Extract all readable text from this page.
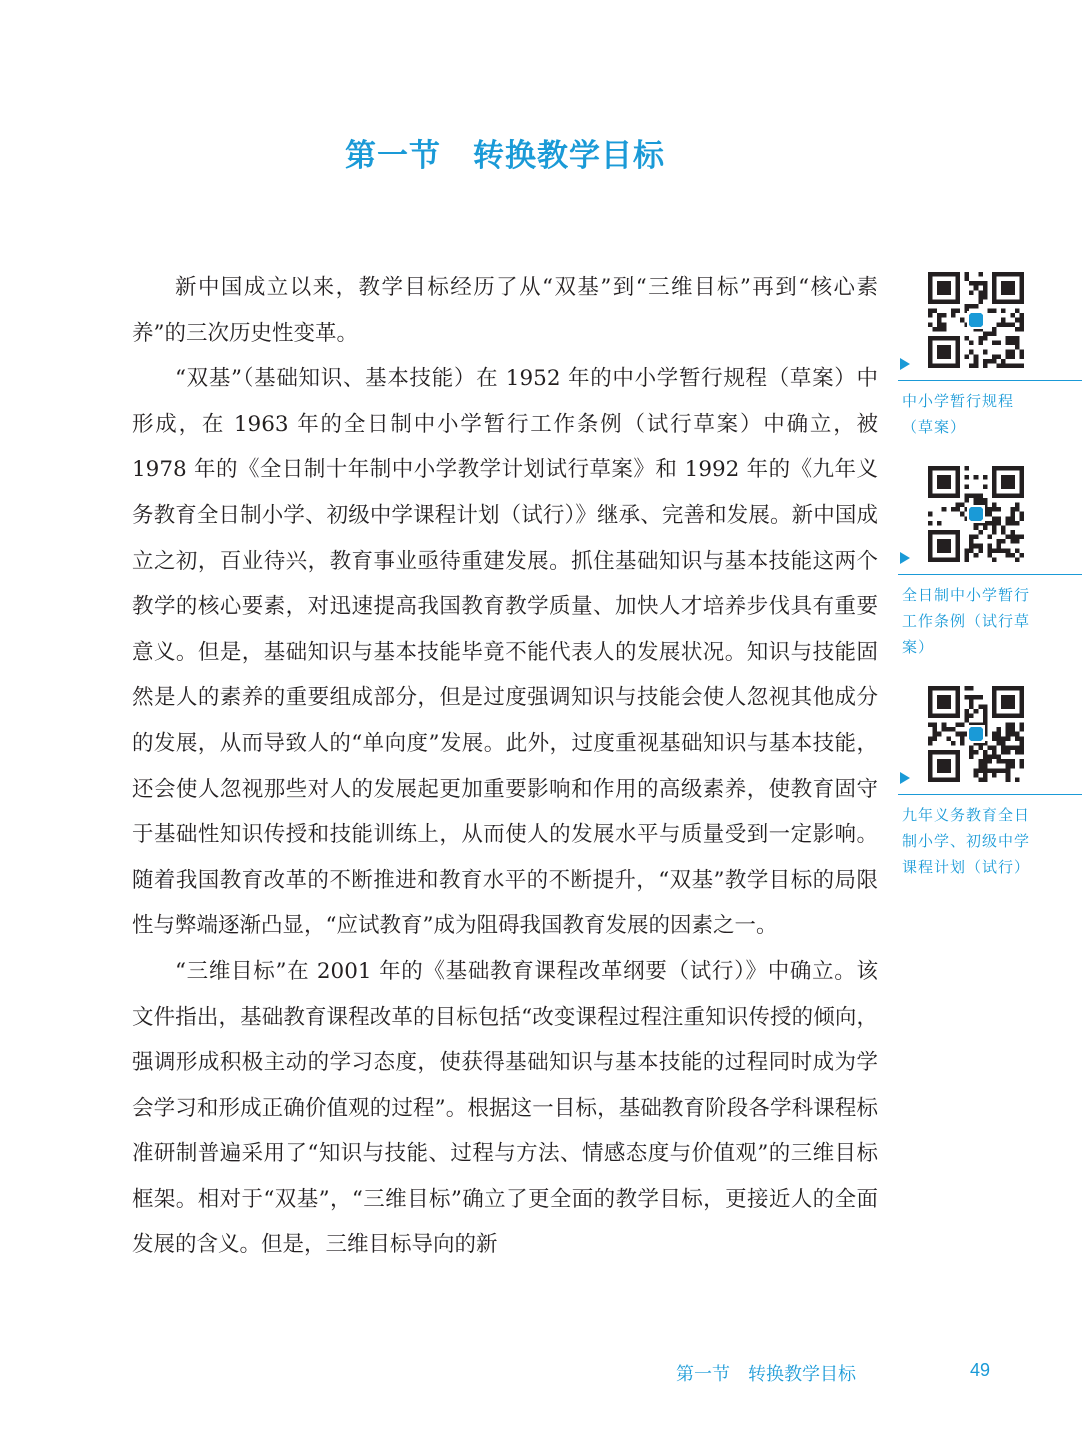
第一节　转换教学目标

新中国成立以来，教学目标经历了从“双基”到“三维目标”再到“核心素养”的三次历史性变革。

“双基”（基础知识、基本技能）在 1952 年的中小学暂行规程（草案）中形成，在 1963 年的全日制中小学暂行工作条例（试行草案）中确立，被 1978 年的《全日制十年制中小学教学计划试行草案》和 1992 年的《九年义务教育全日制小学、初级中学课程计划（试行）》继承、完善和发展。新中国成立之初，百业待兴，教育事业亟待重建发展。抓住基础知识与基本技能这两个教学的核心要素，对迅速提高我国教育教学质量、加快人才培养步伐具有重要意义。但是，基础知识与基本技能毕竟不能代表人的发展状况。知识与技能固然是人的素养的重要组成部分，但是过度强调知识与技能会使人忽视其他成分的发展，从而导致人的“单向度”发展。此外，过度重视基础知识与基本技能，还会使人忽视那些对人的发展起更加重要影响和作用的高级素养，使教育固守于基础性知识传授和技能训练上，从而使人的发展水平与质量受到一定影响。随着我国教育改革的不断推进和教育水平的不断提升，“双基”教学目标的局限性与弊端逐渐凸显，“应试教育”成为阻碍我国教育发展的因素之一。

“三维目标”在 2001 年的《基础教育课程改革纲要（试行）》中确立。该文件指出，基础教育课程改革的目标包括“改变课程过程注重知识传授的倾向，强调形成积极主动的学习态度，使获得基础知识与基本技能的过程同时成为学会学习和形成正确价值观的过程”。根据这一目标，基础教育阶段各学科课程标准研制普遍采用了“知识与技能、过程与方法、情感态度与价值观”的三维目标框架。相对于“双基”，“三维目标”确立了更全面的教学目标，更接近人的全面发展的含义。但是，三维目标导向的新

中小学暂行规程（草案）
全日制中小学暂行工作条例（试行草案）
九年义务教育全日制小学、初级中学课程计划（试行）
第一节　转换教学目标	49
